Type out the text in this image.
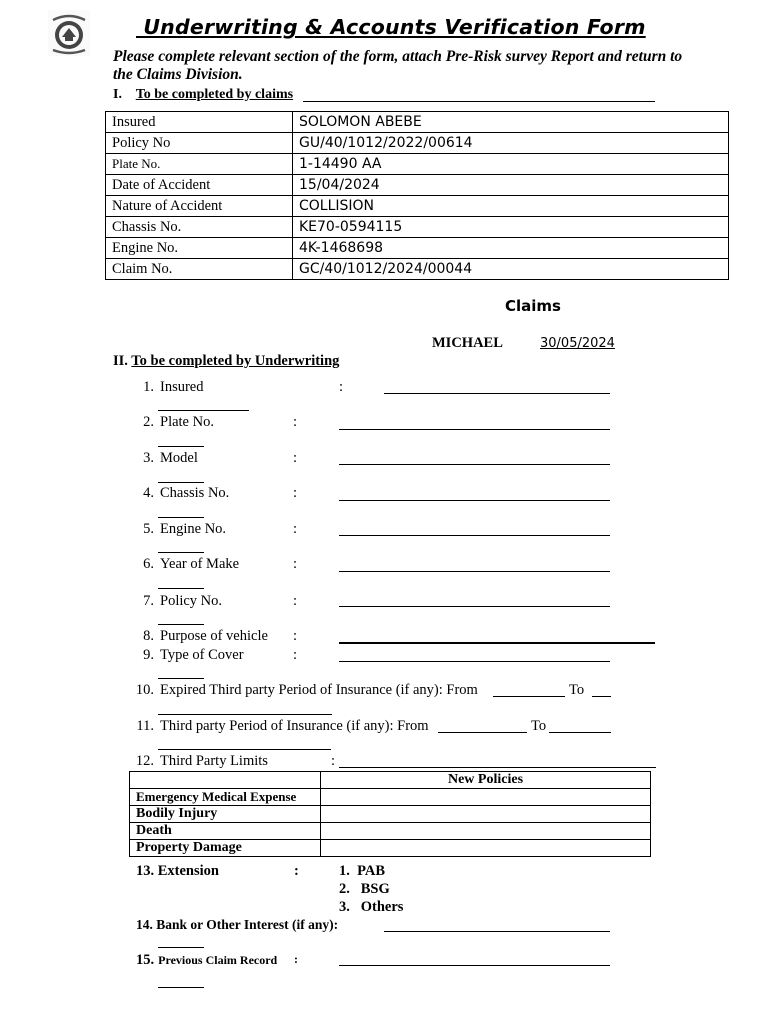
Underwriting & Accounts Verification Form
Please complete relevant section of the form, attach Pre-Risk survey Report and return to the Claims Division.
I. To be completed by claims
Insured	SOLOMON ABEBE
Policy No	GU/40/1012/2022/00614
Plate No.	1-14490 AA
Date of Accident	15/04/2024
Nature of Accident	COLLISION
Chassis No.	KE70-0594115
Engine No.	4K-1468698
Claim No.	GC/40/1012/2024/00044
Claims
MICHAEL	30/05/2024
II. To be completed by Underwriting
1. Insured	:
2. Plate No.	:
3. Model	:
4. Chassis No.	:
5. Engine No.	:
6. Year of Make	:
7. Policy No.	:
8. Purpose of vehicle :
9. Type of Cover	:
10. Expired Third party Period of Insurance (if any): From	To
11. Third party Period of Insurance (if any): From	To
12. Third Party Limits	:
	New Policies
Emergency Medical Expense	
Bodily Injury	
Death	
Property Damage	
13. Extension	:	1. PAB
2. BSG
3. Others
14. Bank or Other Interest (if any):
15. Previous Claim Record :
